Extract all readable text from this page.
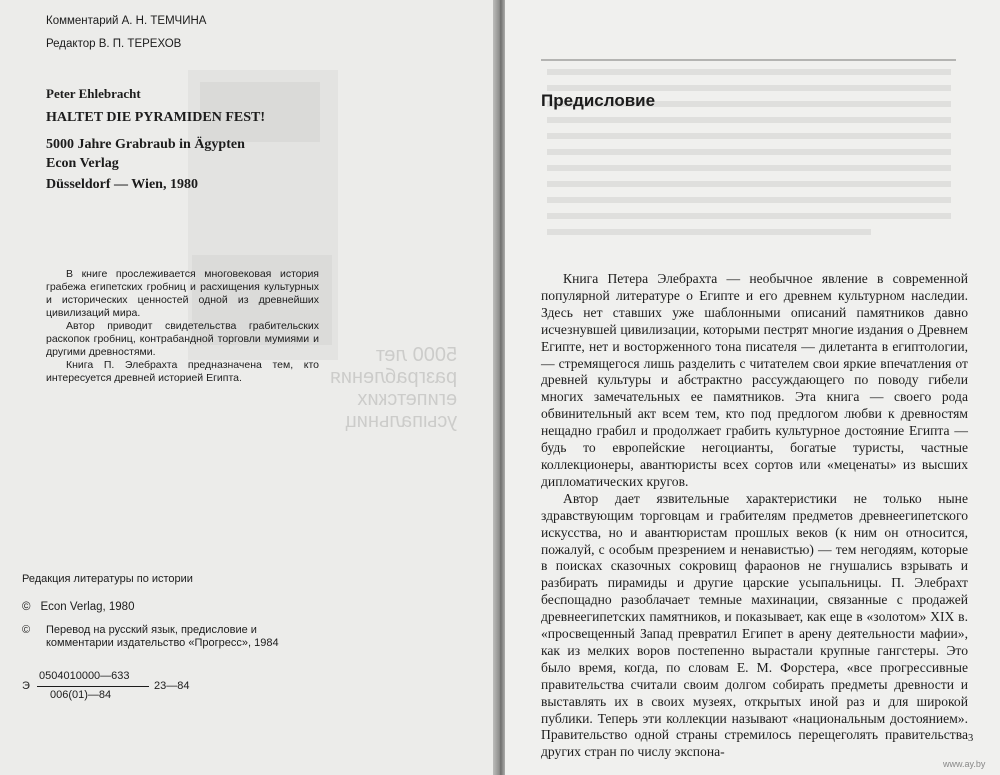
5000 лет
разграбления
египетских
усыпальниц
Комментарий А. Н. ТЕМЧИНА
Редактор В. П. ТЕРЕХОВ
Peter Ehlebracht
HALTET DIE PYRAMIDEN FEST!
5000 Jahre Grabraub in Ägypten
Econ Verlag
Düsseldorf — Wien, 1980

В книге прослеживается многовековая история грабежа египетских гробниц и расхищения культурных и исторических ценностей одной из древнейших цивилизаций мира.

Автор приводит свидетельства грабительских раскопок гробниц, контрабандной торговли мумиями и другими древностями.

Книга П. Элебрахта предназначена тем, кто интересуется древней историей Египта.

Редакция литературы по истории
© Econ Verlag, 1980
© Перевод на русский язык, предисловие и комментарии издательство «Прогресс», 1984
Э
0504010000—633
006(01)—84
23—84
Предисловие

Книга Петера Элебрахта — необычное явление в современной популярной литературе о Египте и его древнем культурном наследии. Здесь нет ставших уже шаблонными описаний памятников давно исчезнувшей цивилизации, которыми пестрят многие издания о Древнем Египте, нет и восторженного тона писателя — дилетанта в египтологии, — стремящегося лишь разделить с читателем свои яркие впечатления от древней культуры и абстрактно рассуждающего по поводу гибели многих замечательных ее памятников. Эта книга — своего рода обвинительный акт всем тем, кто под предлогом любви к древностям нещадно грабил и продолжает грабить культурное достояние Египта — будь то европейские негоцианты, богатые туристы, частные коллекционеры, авантюристы всех сортов или «меценаты» из высших дипломатических кругов.

Автор дает язвительные характеристики не только ныне здравствующим торговцам и грабителям предметов древнеегипетского искусства, но и авантюристам прошлых веков (к ним он относится, пожалуй, с особым презрением и ненавистью) — тем негодяям, которые в поисках сказочных сокровищ фараонов не гнушались взрывать и разбирать пирамиды и другие царские усыпальницы. П. Элебрахт беспощадно разоблачает темные махинации, связанные с продажей древнеегипетских памятников, и показывает, как еще в «золотом» XIX в. «просвещенный Запад превратил Египет в арену деятельности мафии», как из мелких воров постепенно вырастали крупные гангстеры. Это было время, когда, по словам Е. М. Форстера, «все прогрессивные правительства считали своим долгом собирать предметы древности и выставлять их в своих музеях, открытых иной раз и для широкой публики. Теперь эти коллекции называют «национальным достоянием». Правительство одной страны стремилось перещеголять правительства других стран по числу экспона-

3
www.ay.by
